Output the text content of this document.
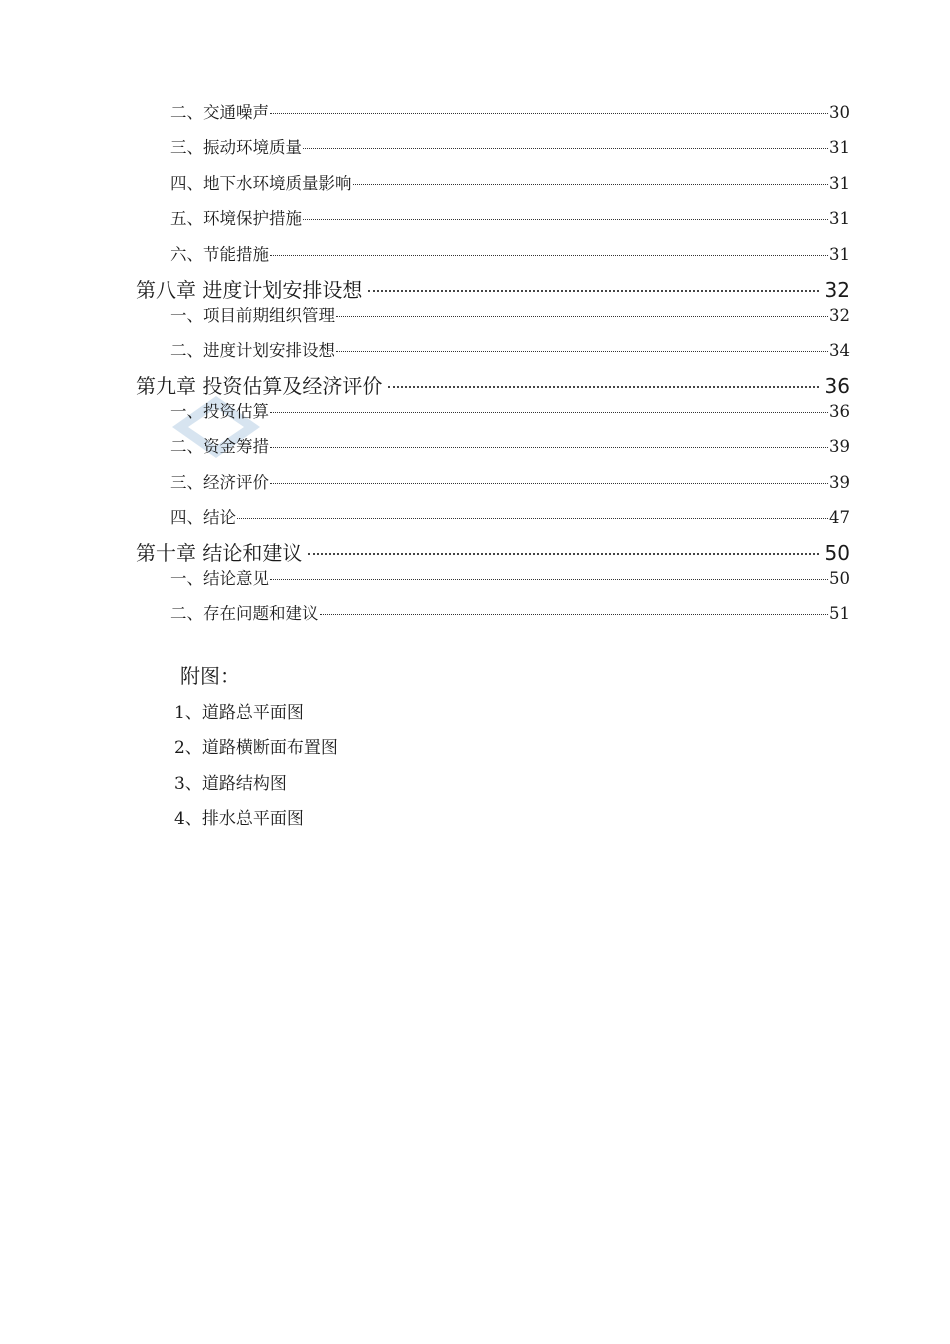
二、交通噪声	30
三、振动环境质量	31
四、地下水环境质量影响	31
五、环境保护措施	31
六、节能措施	31
第八章 进度计划安排设想	32
一、项目前期组织管理	32
二、进度计划安排设想	34
第九章 投资估算及经济评价	36
一、投资估算	36
二、资金筹措	39
三、经济评价	39
四、结论	47
第十章 结论和建议	50
一、结论意见	50
二、存在问题和建议	51
附图：
1、道路总平面图
2、道路横断面布置图
3、道路结构图
4、排水总平面图
